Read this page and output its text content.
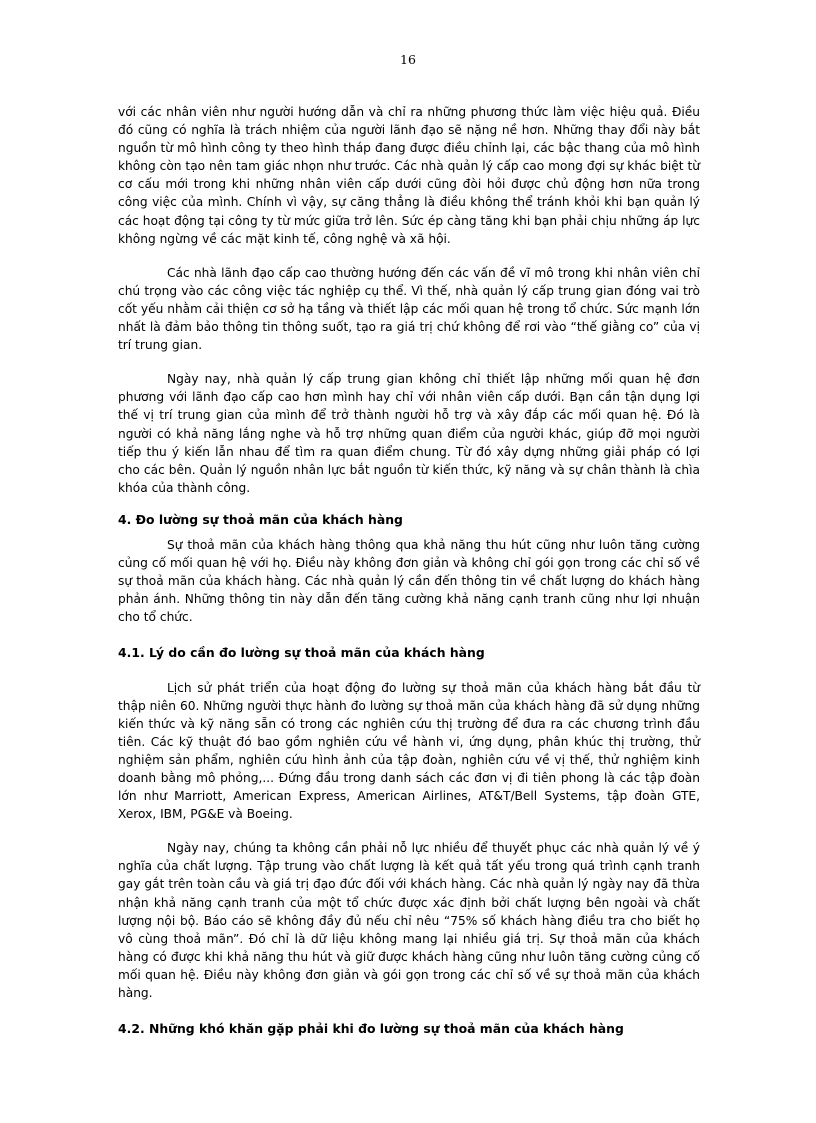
16

với các nhân viên như người hướng dẫn và chỉ ra những phương thức làm việc hiệu quả. Điều đó cũng có nghĩa là trách nhiệm của người lãnh đạo sẽ nặng nề hơn. Những thay đổi này bắt nguồn từ mô hình công ty theo hình tháp đang được điều chỉnh lại, các bậc thang của mô hình không còn tạo nên tam giác nhọn như trước. Các nhà quản lý cấp cao mong đợi sự khác biệt từ cơ cấu mới trong khi những nhân viên cấp dưới cũng đòi hỏi được chủ động hơn nữa trong công việc của mình. Chính vì vậy, sự căng thẳng là điều không thể tránh khỏi khi bạn quản lý các hoạt động tại công ty từ mức giữa trở lên. Sức ép càng tăng khi bạn phải chịu những áp lực không ngừng về các mặt kinh tế, công nghệ và xã hội.

Các nhà lãnh đạo cấp cao thường hướng đến các vấn đề vĩ mô trong khi nhân viên chỉ chú trọng vào các công việc tác nghiệp cụ thể. Vì thế, nhà quản lý cấp trung gian đóng vai trò cốt yếu nhằm cải thiện cơ sở hạ tầng và thiết lập các mối quan hệ trong tổ chức. Sức mạnh lớn nhất là đảm bảo thông tin thông suốt, tạo ra giá trị chứ không để rơi vào “thế giằng co” của vị trí trung gian.

Ngày nay, nhà quản lý cấp trung gian không chỉ thiết lập những mối quan hệ đơn phương với lãnh đạo cấp cao hơn mình hay chỉ với nhân viên cấp dưới. Bạn cần tận dụng lợi thế vị trí trung gian của mình để trở thành người hỗ trợ và xây đắp các mối quan hệ. Đó là người có khả năng lắng nghe và hỗ trợ những quan điểm của người khác, giúp đỡ mọi người tiếp thu ý kiến lẫn nhau để tìm ra quan điểm chung. Từ đó xây dựng những giải pháp có lợi cho các bên. Quản lý nguồn nhân lực bắt nguồn từ kiến thức, kỹ năng và sự chân thành là chìa khóa của thành công.

4. Đo lường sự thoả mãn của khách hàng

Sự thoả mãn của khách hàng thông qua khả năng thu hút cũng như luôn tăng cường củng cố mối quan hệ với họ. Điều này không đơn giản và không chỉ gói gọn trong các chỉ số về sự thoả mãn của khách hàng. Các nhà quản lý cần đến thông tin về chất lượng do khách hàng phản ánh. Những thông tin này dẫn đến tăng cường khả năng cạnh tranh cũng như lợi nhuận cho tổ chức.

4.1. Lý do cần đo lường sự thoả mãn của khách hàng

Lịch sử phát triển của hoạt động đo lường sự thoả mãn của khách hàng bắt đầu từ thập niên 60. Những người thực hành đo lường sự thoả mãn của khách hàng đã sử dụng những kiến thức và kỹ năng sẵn có trong các nghiên cứu thị trường để đưa ra các chương trình đầu tiên. Các kỹ thuật đó bao gồm nghiên cứu về hành vi, ứng dụng, phân khúc thị trường, thử nghiệm sản phẩm, nghiên cứu hình ảnh của tập đoàn, nghiên cứu về vị thế, thử nghiệm kinh doanh bằng mô phỏng,... Đứng đầu trong danh sách các đơn vị đi tiên phong là các tập đoàn lớn như Marriott, American Express, American Airlines, AT&T/Bell Systems, tập đoàn GTE, Xerox, IBM, PG&E và Boeing.

Ngày nay, chúng ta không cần phải nỗ lực nhiều để thuyết phục các nhà quản lý về ý nghĩa của chất lượng. Tập trung vào chất lượng là kết quả tất yếu trong quá trình cạnh tranh gay gắt trên toàn cầu và giá trị đạo đức đối với khách hàng. Các nhà quản lý ngày nay đã thừa nhận khả năng cạnh tranh của một tổ chức được xác định bởi chất lượng bên ngoài và chất lượng nội bộ. Báo cáo sẽ không đầy đủ nếu chỉ nêu “75% số khách hàng điều tra cho biết họ vô cùng thoả mãn”. Đó chỉ là dữ liệu không mang lại nhiều giá trị. Sự thoả mãn của khách hàng có được khi khả năng thu hút và giữ được khách hàng cũng như luôn tăng cường củng cố mối quan hệ. Điều này không đơn giản và gói gọn trong các chỉ số về sự thoả mãn của khách hàng.

4.2. Những khó khăn gặp phải khi đo lường sự thoả mãn của khách hàng
